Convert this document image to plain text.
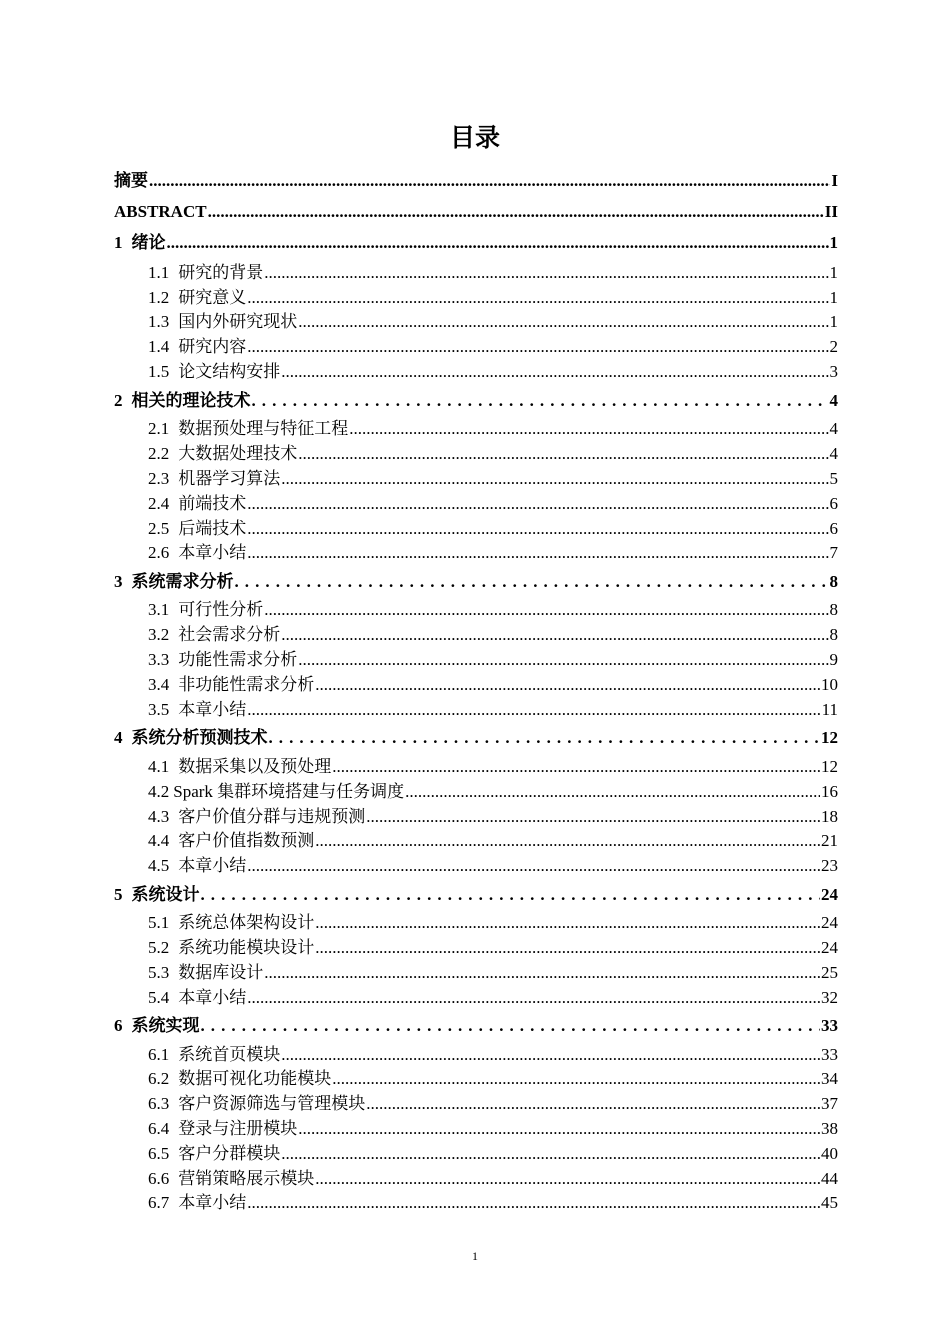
目录
摘要 .....	I
ABSTRACT .....	II
1 绪论 .....	1
1.1 研究的背景 .....	1
1.2 研究意义 .....	1
1.3 国内外研究现状 .....	1
1.4 研究内容 .....	2
1.5 论文结构安排 .....	3
2 相关的理论技术 . . .	4
2.1 数据预处理与特征工程 .....	4
2.2 大数据处理技术 .....	4
2.3 机器学习算法 .....	5
2.4 前端技术 .....	6
2.5 后端技术 .....	6
2.6 本章小结 .....	7
3 系统需求分析 . . .	8
3.1 可行性分析 .....	8
3.2 社会需求分析 .....	8
3.3 功能性需求分析 .....	9
3.4 非功能性需求分析 .....	10
3.5 本章小结 .....	11
4 系统分析预测技术 . . .	12
4.1 数据采集以及预处理 .....	12
4.2 Spark 集群环境搭建与任务调度 .....	16
4.3 客户价值分群与违规预测 .....	18
4.4 客户价值指数预测 .....	21
4.5 本章小结 .....	23
5 系统设计 . . .	24
5.1 系统总体架构设计 .....	24
5.2 系统功能模块设计 .....	24
5.3 数据库设计 .....	25
5.4 本章小结 .....	32
6 系统实现 . . .	33
6.1 系统首页模块 .....	33
6.2 数据可视化功能模块 .....	34
6.3 客户资源筛选与管理模块 .....	37
6.4 登录与注册模块 .....	38
6.5 客户分群模块 .....	40
6.6 营销策略展示模块 .....	44
6.7 本章小结 .....	45
1
